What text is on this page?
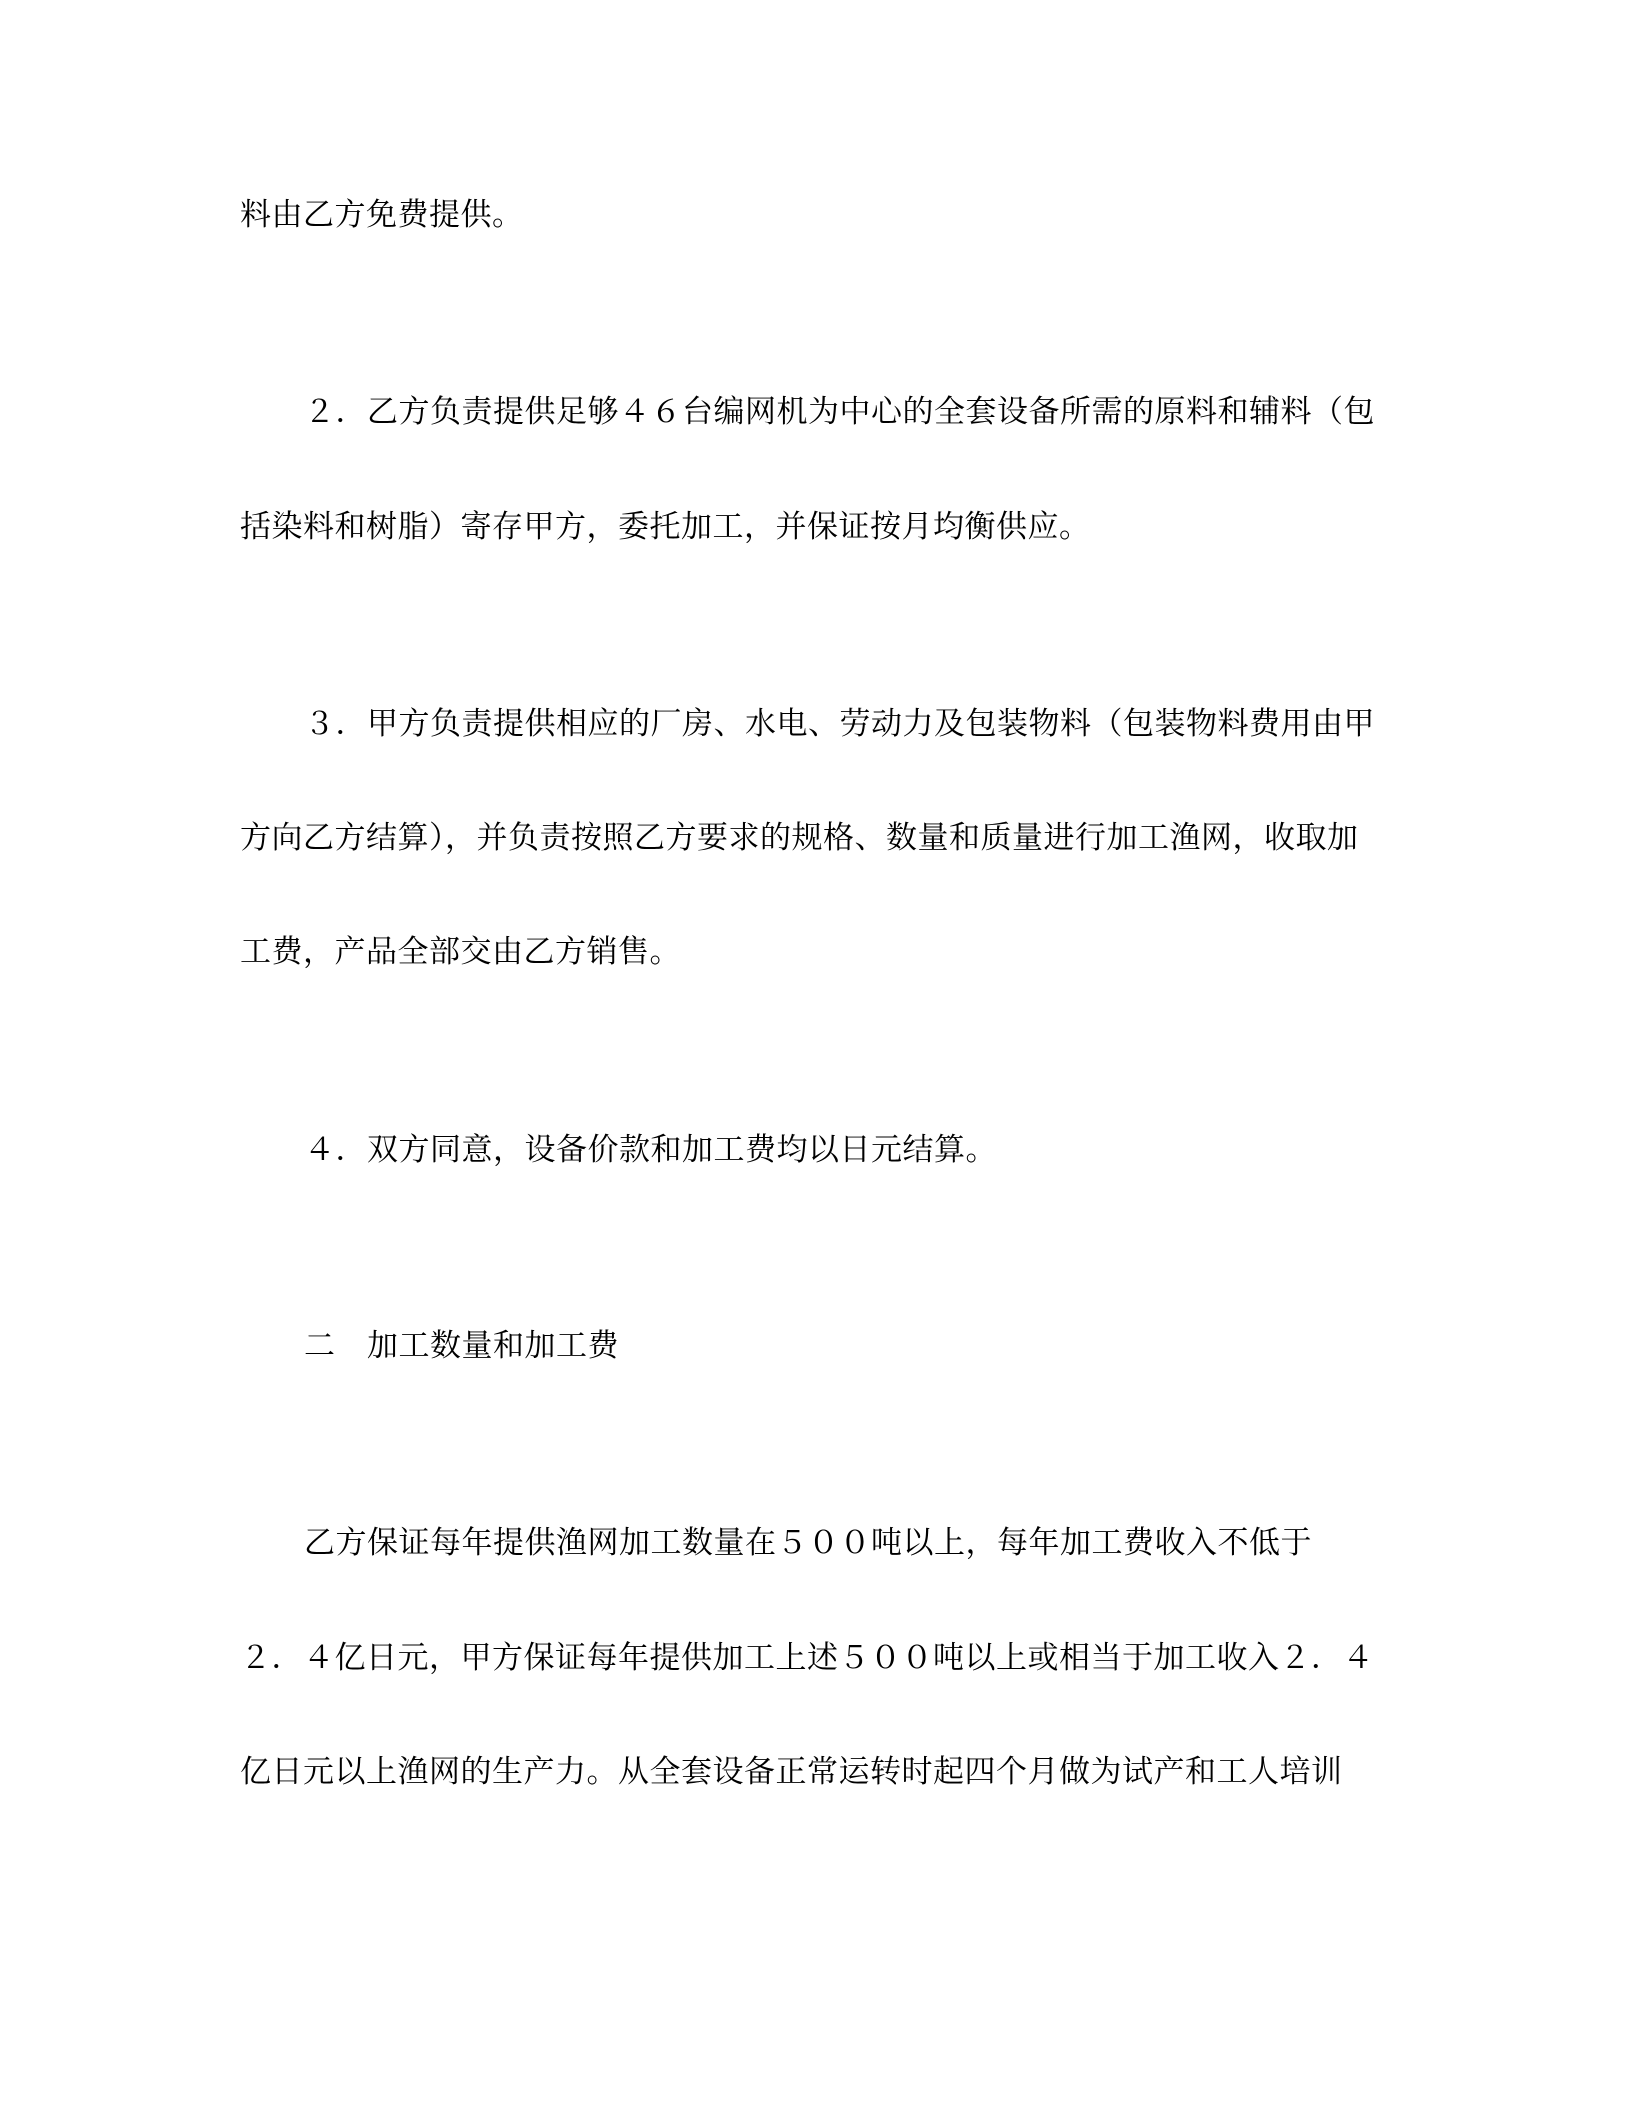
料由乙方免费提供。
２．乙方负责提供足够４６台编网机为中心的全套设备所需的原料和辅料（包
括染料和树脂）寄存甲方，委托加工，并保证按月均衡供应。
３．甲方负责提供相应的厂房、水电、劳动力及包装物料（包装物料费用由甲
方向乙方结算），并负责按照乙方要求的规格、数量和质量进行加工渔网，收取加
工费，产品全部交由乙方销售。
４．双方同意，设备价款和加工费均以日元结算。
二　加工数量和加工费
乙方保证每年提供渔网加工数量在５００吨以上，每年加工费收入不低于
２．４亿日元，甲方保证每年提供加工上述５００吨以上或相当于加工收入２．４
亿日元以上渔网的生产力。从全套设备正常运转时起四个月做为试产和工人培训
